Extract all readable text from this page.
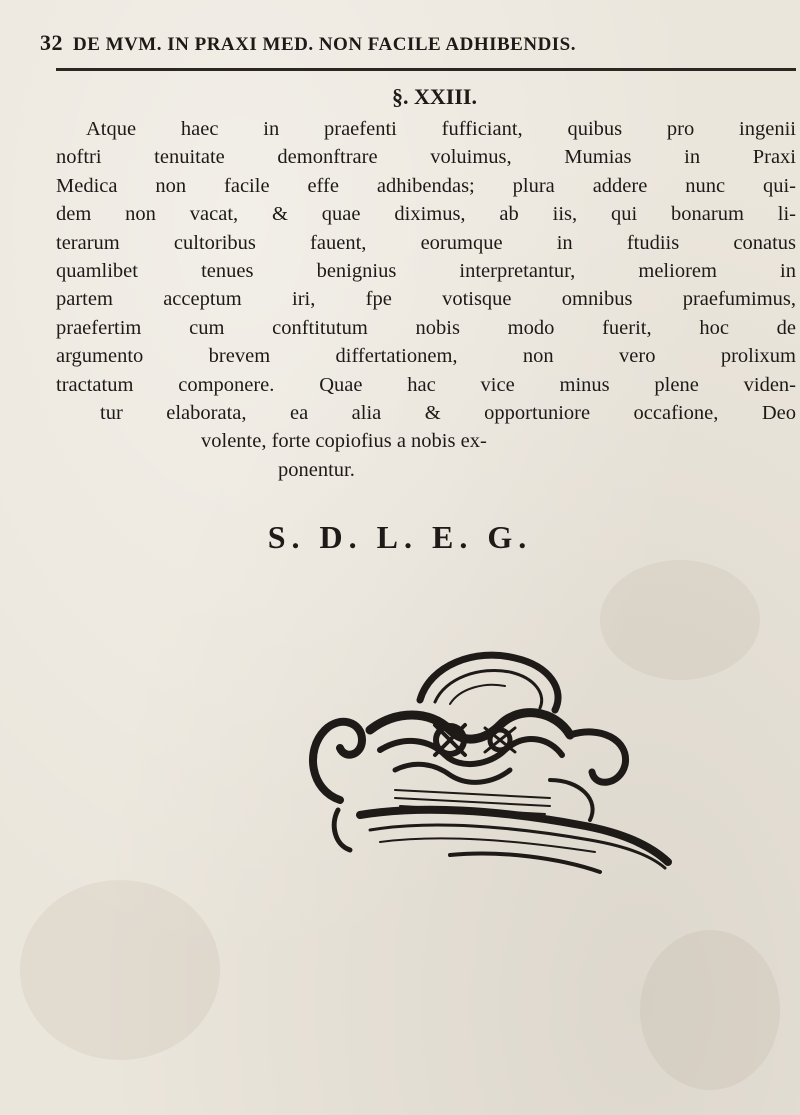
32 DE MVM. IN PRAXI MED. NON FACILE ADHIBENDIS.
§. XXIII.
Atque haec in praefenti fufficiant, quibus pro ingenii
noftri tenuitate demonftrare voluimus, Mumias in Praxi
Medica non facile effe adhibendas; plura addere nunc qui-
dem non vacat, & quae diximus, ab iis, qui bonarum li-
terarum cultoribus fauent, eorumque in ftudiis conatus
quamlibet tenues benignius interpretantur, meliorem in
partem acceptum iri, fpe votisque omnibus praefumimus,
praefertim cum conftitutum nobis modo fuerit, hoc de
argumento brevem differtationem, non vero prolixum
tractatum componere. Quae hac vice minus plene viden-
tur elaborata, ea alia & opportuniore occafione, Deo
volente, forte copiofius a nobis ex-
ponentur.
S. D. L. E. G.
